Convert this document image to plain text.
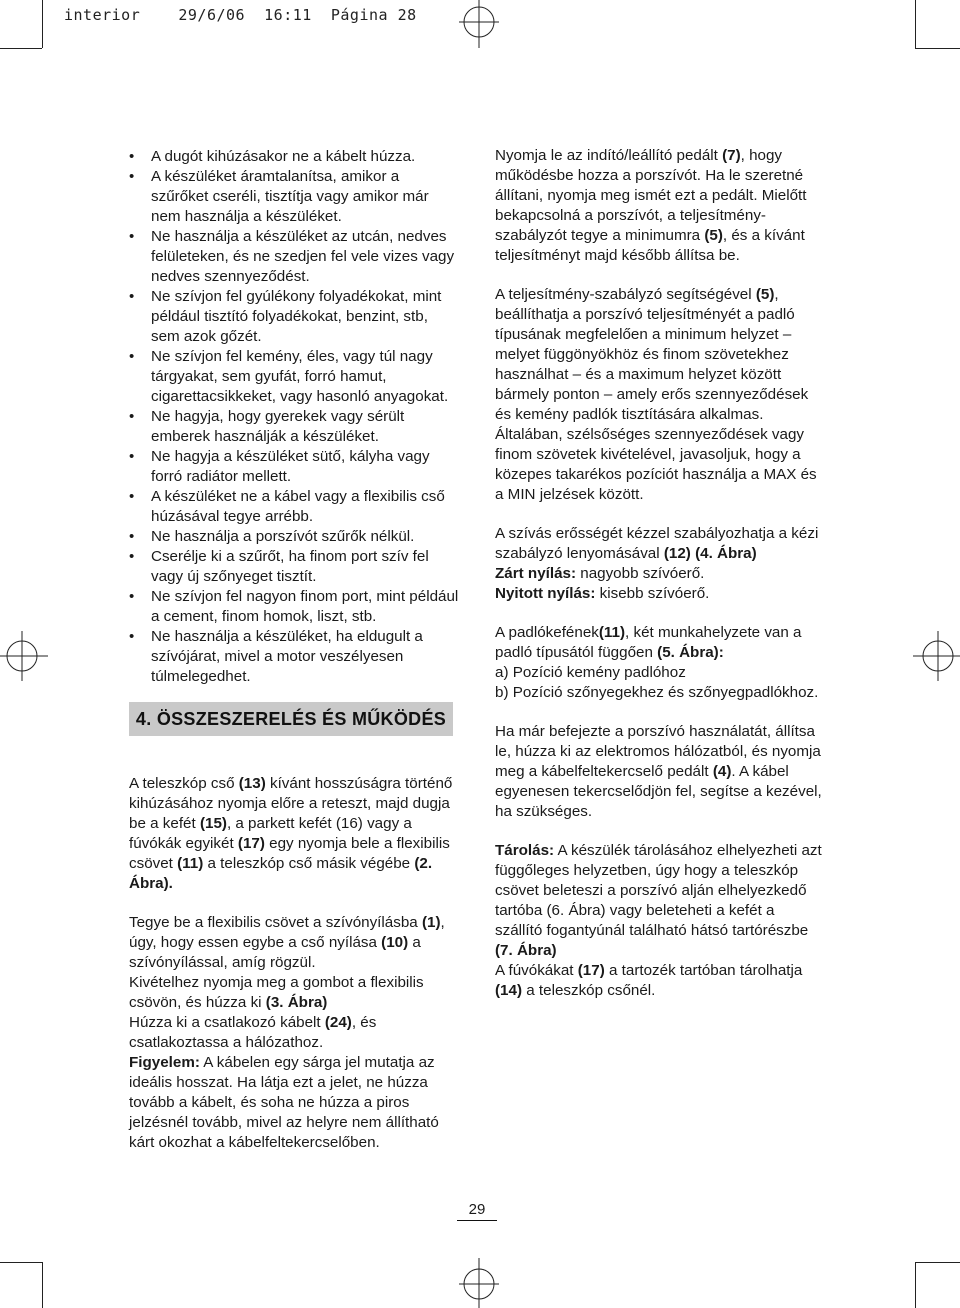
interior	29/6/06 16:11 Página 28
• A dugót kihúzásakor ne a kábelt húzza.
• A készüléket áramtalanítsa, amikor a szűrőket cseréli, tisztítja vagy amikor már nem használja a készüléket.
• Ne használja a készüléket az utcán, nedves felületeken, és ne szedjen fel vele vizes vagy nedves szennyeződést.
• Ne szívjon fel gyúlékony folyadékokat, mint például tisztító folyadékokat, benzint, stb, sem azok gőzét.
• Ne szívjon fel kemény, éles, vagy túl nagy tárgyakat, sem gyufát, forró hamut, cigarettacsikkeket, vagy hasonló anyagokat.
• Ne hagyja, hogy gyerekek vagy sérült emberek használják a készüléket.
• Ne hagyja a készüléket sütő, kályha vagy forró radiátor mellett.
• A készüléket ne a kábel vagy a flexibilis cső húzásával tegye arrébb.
• Ne használja a porszívót szűrők nélkül.
• Cserélje ki a szűrőt, ha finom port szív fel vagy új szőnyeget tisztít.
• Ne szívjon fel nagyon finom port, mint például a cement, finom homok, liszt, stb.
• Ne használja a készüléket, ha eldugult a szívójárat, mivel a motor veszélyesen túlmelegedhet.
4. ÖSSZESZERELÉS ÉS MŰKÖDÉS

A teleszkóp cső (13) kívánt hosszúságra történő kihúzásához nyomja előre a reteszt, majd dugja be a kefét (15), a parkett kefét (16) vagy a fúvókák egyikét (17) egy nyomja bele a flexibilis csövet (11) a teleszkóp cső másik végébe (2. Ábra).

Tegye be a flexibilis csövet a szívónyílásba (1), úgy, hogy essen egybe a cső nyílása (10) a szívónyílással, amíg rögzül.
Kivételhez nyomja meg a gombot a flexibilis csövön, és húzza ki (3. Ábra)
Húzza ki a csatlakozó kábelt (24), és csatlakoztassa a hálózathoz.
Figyelem: A kábelen egy sárga jel mutatja az ideális hosszat. Ha látja ezt a jelet, ne húzza tovább a kábelt, és soha ne húzza a piros jelzésnél tovább, mivel az helyre nem állítható kárt okozhat a kábelfeltekercselőben.

Nyomja le az indító/leállító pedált (7), hogy működésbe hozza a porszívót. Ha le szeretné állítani, nyomja meg ismét ezt a pedált. Mielőtt bekapcsolná a porszívót, a teljesítmény-szabályzót tegye a minimumra (5), és a kívánt teljesítményt majd később állítsa be.

A teljesítmény-szabályzó segítségével (5), beállíthatja a porszívó teljesítményét a padló típusának megfelelően a minimum helyzet – melyet függönyökhöz és finom szövetekhez használhat – és a maximum helyzet között bármely ponton – amely erős szennyeződések és kemény padlók tisztítására alkalmas. Általában, szélsőséges szennyeződések vagy finom szövetek kivételével, javasoljuk, hogy a közepes takarékos pozíciót használja a MAX és a MIN jelzések között.

A szívás erősségét kézzel szabályozhatja a kézi szabályzó lenyomásával (12) (4. Ábra)
Zárt nyílás: nagyobb szívóerő.
Nyitott nyílás: kisebb szívóerő.

A padlókefének(11), két munkahelyzete van a padló típusától függően (5. Ábra):
a) Pozíció kemény padlóhoz
b) Pozíció szőnyegekhez és szőnyegpadlókhoz.

Ha már befejezte a porszívó használatát, állítsa le, húzza ki az elektromos hálózatból, és nyomja meg a kábelfeltekercselő pedált (4). A kábel egyenesen tekercselődjön fel, segítse a kezével, ha szükséges.

Tárolás: A készülék tárolásához elhelyezheti azt függőleges helyzetben, úgy hogy a teleszkóp csövet beleteszi a porszívó alján elhelyezkedő tartóba (6. Ábra) vagy beleteheti a kefét a szállító fogantyúnál található hátsó tartórészbe (7. Ábra)
A fúvókákat (17) a tartozék tartóban tárolhatja (14) a teleszkóp csőnél.

29
